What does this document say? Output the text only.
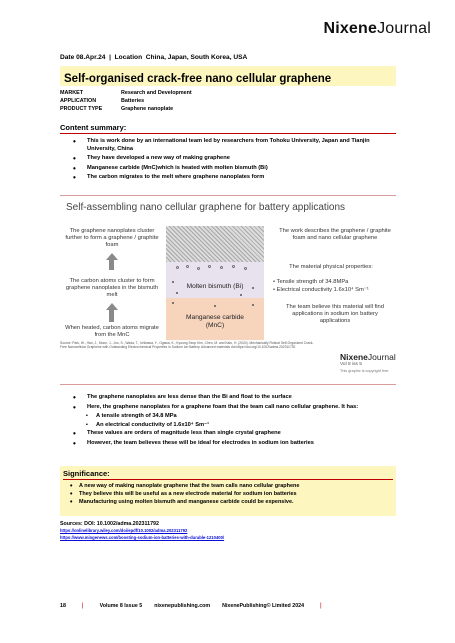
NixeneJournal
Date 08.Apr.24  |  Location China, Japan, South Korea, USA
Self-organised crack-free nano cellular graphene
MARKET	Research and Development
APPLICATION	Batteries
PRODUCT TYPE	Graphene nanoplate
Content summary:
• This is work done by an international team led by researchers from Tohoku University, Japan and Tianjin University, China
• They have developed a new way of making graphene
• Manganese carbide (MnC)which is heated with molten bismuth (Bi)
• The carbon migrates to the melt where graphene nanoplates form
Self-assembling nano cellular graphene for battery applications
The graphene nanoplates cluster further to form a graphene / graphite foam
The carbon atoms cluster to form graphene nanoplates in the bismuth melt
When heated, carbon atoms migrate from the MnC
Molten bismuth (Bi)
Manganese carbide
(MnC)
The work describes the graphene / graphite foam and nano cellular graphene
The material physical properties:
• Tensile strength of 34.8MPa
• Electrical conductivity 1.6x10⁴ Sm⁻¹
The team believe this material will find applications in sodium ion battery applications
Source: Park, W., Han, J., Moon, J., Joo, S., Wada, T., Ichikawa, Y., Ogawa, K., Kyoung Seop Kim, Chen, M. and Kato, H. (2024). Mechanically Robust Self-Organized Crack-Free Nanocellular Graphene with Outstanding Electrochemical Properties in Sodium Ion Battery. Advanced materials doi:https://doi.org/10.1002/adma.202311792
NixeneJournal
Vol 8 iss 5
This graphic is copyright free
• The graphene nanoplates are less dense than the Bi and float to the surface
• Here, the graphene nanoplates for a graphene foam that the team call nano cellular graphene. It has:
▪ A tensile strength of 34.8 MPa
▪ An electrical conductivity of 1.6x10⁴ Sm⁻¹
• These values are orders of magnitude less than single crystal graphene
• However, the team believes these will be ideal for electrodes in sodium ion batteries
Significance:
• A new way of making nanoplate graphene that the team calls nano cellular graphene
• They believe this will be useful as a new electrode material for sodium ion batteries
• Manufacturing using molten bismuth and manganese carbide could be expensive.
Sources: DOI: 10.1002/adma.202311792
https://onlinelibrary.wiley.com/doi/epdf/10.1002/adma.202311792
https://www.mingenews.com/boosting-sodium-ion-batteries-with-durable-1210400/
18 |	Volume 8 Issue 5 nixenepublishing.com NixenePublishing© Limited 2024 |
